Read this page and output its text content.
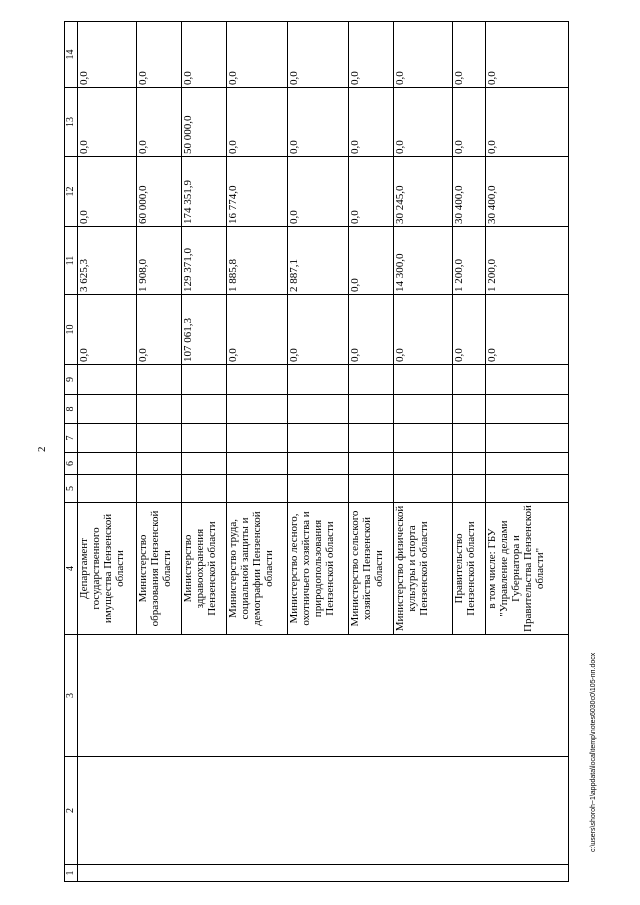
2
1	2	3	4	5	6	7	8	9	10	11	12	13	14
			Департамент государственного имущества Пензенской области						0,0	3 625,3	0,0	0,0	0,0
			Министерство образования Пензенской области						0,0	1 908,0	60 000,0	0,0	0,0
			Министерство здравоохранения Пензенской области						107 061,3	129 371,0	174 351,9	50 000,0	0,0
			Министерство труда, социальной защиты и демографии Пензенской области						0,0	1 885,8	16 774,0	0,0	0,0
			Министерство лесного, охотничьего хозяйства и природопользования Пензенской области						0,0	2 887,1	0,0	0,0	0,0
			Министерство сельского хозяйства Пензенской области						0,0	0,0	0,0	0,0	0,0
			Министерство физической культуры и спорта Пензенской области						0,0	14 300,0	30 245,0	0,0	0,0
			Правительство Пензенской области						0,0	1 200,0	30 400,0	0,0	0,0
			в том числе: ГБУ "Управление делами Губернатора и Правительства Пензенской области"						0,0	1 200,0	30 400,0	0,0	0,0
c:\users\shoroh~1\appdata\local\temp\notes6030c0\105-пп.docx
